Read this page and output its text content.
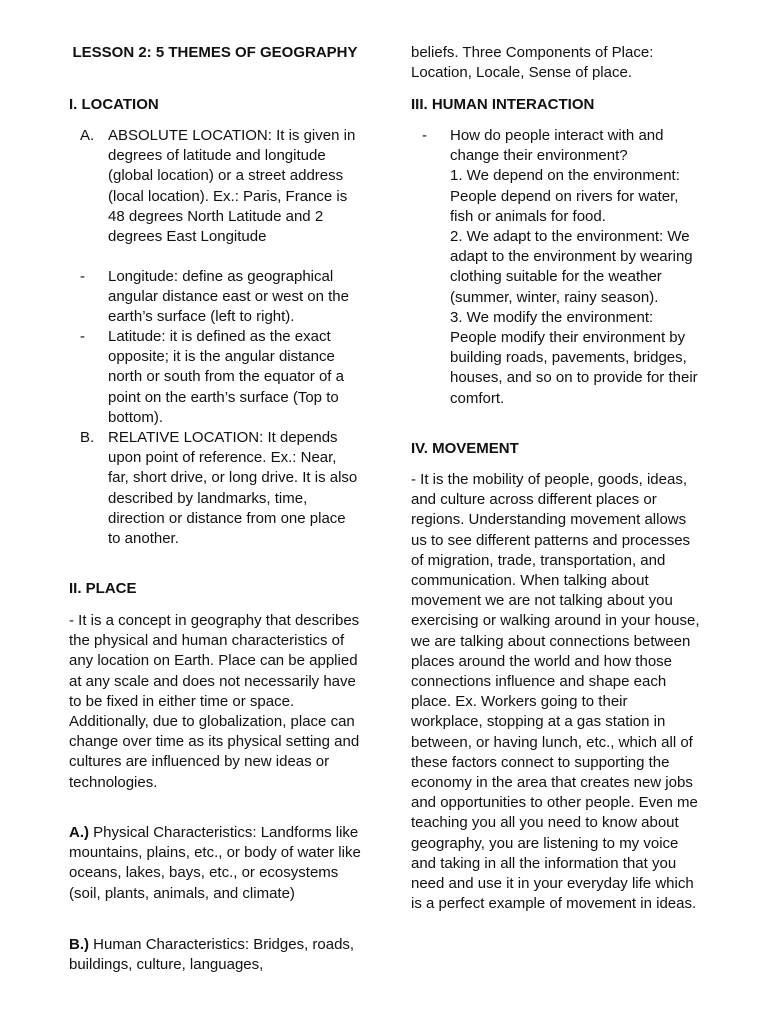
LESSON 2: 5 THEMES OF GEOGRAPHY
I. LOCATION
A. ABSOLUTE LOCATION: It is given in degrees of latitude and longitude (global location) or a street address (local location). Ex.: Paris, France is 48 degrees North Latitude and 2 degrees East Longitude
- Longitude: define as geographical angular distance east or west on the earth’s surface (left to right).
- Latitude: it is defined as the exact opposite; it is the angular distance north or south from the equator of a point on the earth’s surface (Top to bottom).
B. RELATIVE LOCATION: It depends upon point of reference. Ex.: Near, far, short drive, or long drive. It is also described by landmarks, time, direction or distance from one place to another.
II. PLACE
- It is a concept in geography that describes the physical and human characteristics of any location on Earth. Place can be applied at any scale and does not necessarily have to be fixed in either time or space. Additionally, due to globalization, place can change over time as its physical setting and cultures are influenced by new ideas or technologies.
A.) Physical Characteristics: Landforms like mountains, plains, etc., or body of water like oceans, lakes, bays, etc., or ecosystems (soil, plants, animals, and climate)
B.) Human Characteristics: Bridges, roads, buildings, culture, languages,
beliefs. Three Components of Place: Location, Locale, Sense of place.
III. HUMAN INTERACTION
- How do people interact with and change their environment?
1. We depend on the environment: People depend on rivers for water, fish or animals for food.
2. We adapt to the environment: We adapt to the environment by wearing clothing suitable for the weather (summer, winter, rainy season).
3. We modify the environment: People modify their environment by building roads, pavements, bridges, houses, and so on to provide for their comfort.
IV. MOVEMENT
- It is the mobility of people, goods, ideas, and culture across different places or regions. Understanding movement allows us to see different patterns and processes of migration, trade, transportation, and communication. When talking about movement we are not talking about you exercising or walking around in your house, we are talking about connections between places around the world and how those connections influence and shape each place. Ex. Workers going to their workplace, stopping at a gas station in between, or having lunch, etc., which all of these factors connect to supporting the economy in the area that creates new jobs and opportunities to other people. Even me teaching you all you need to know about geography, you are listening to my voice and taking in all the information that you need and use it in your everyday life which is a perfect example of movement in ideas.
